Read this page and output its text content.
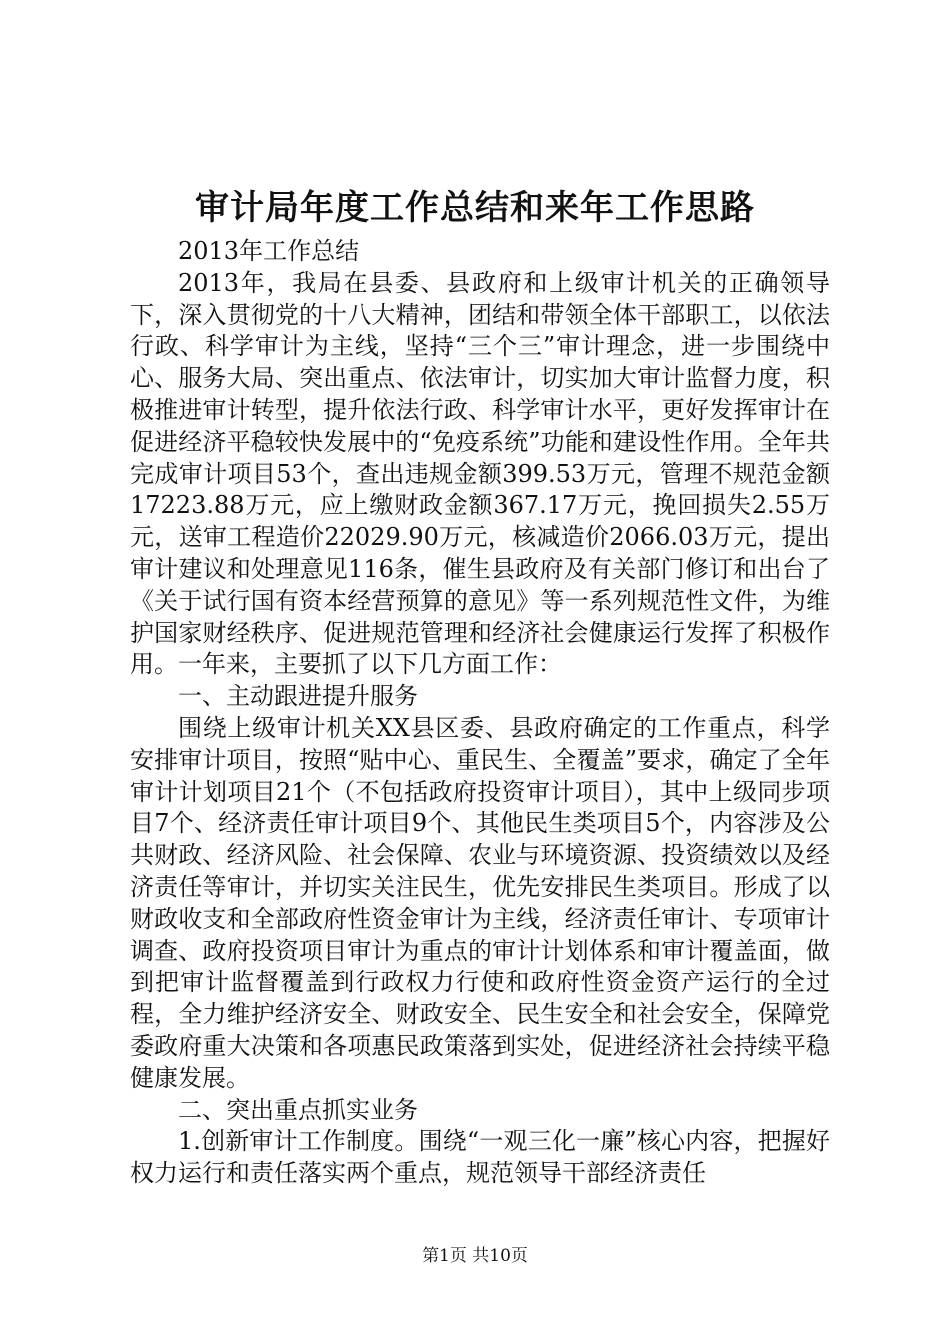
审计局年度工作总结和来年工作思路

2013年工作总结

2013年，我局在县委、县政府和上级审计机关的正确领导下，深入贯彻党的十八大精神，团结和带领全体干部职工，以依法行政、科学审计为主线，坚持“三个三”审计理念，进一步围绕中心、服务大局、突出重点、依法审计，切实加大审计监督力度，积极推进审计转型，提升依法行政、科学审计水平，更好发挥审计在促进经济平稳较快发展中的“免疫系统”功能和建设性作用。全年共完成审计项目53个，查出违规金额399.53万元，管理不规范金额17223.88万元，应上缴财政金额367.17万元，挽回损失2.55万元，送审工程造价22029.90万元，核减造价2066.03万元，提出审计建议和处理意见116条，催生县政府及有关部门修订和出台了《关于试行国有资本经营预算的意见》等一系列规范性文件，为维护国家财经秩序、促进规范管理和经济社会健康运行发挥了积极作用。一年来，主要抓了以下几方面工作：

一、主动跟进提升服务

围绕上级审计机关XX县区委、县政府确定的工作重点，科学安排审计项目，按照“贴中心、重民生、全覆盖”要求，确定了全年审计计划项目21个（不包括政府投资审计项目），其中上级同步项目7个、经济责任审计项目9个、其他民生类项目5个，内容涉及公共财政、经济风险、社会保障、农业与环境资源、投资绩效以及经济责任等审计，并切实关注民生，优先安排民生类项目。形成了以财政收支和全部政府性资金审计为主线，经济责任审计、专项审计调查、政府投资项目审计为重点的审计计划体系和审计覆盖面，做到把审计监督覆盖到行政权力行使和政府性资金资产运行的全过程，全力维护经济安全、财政安全、民生安全和社会安全，保障党委政府重大决策和各项惠民政策落到实处，促进经济社会持续平稳健康发展。

二、突出重点抓实业务

1.创新审计工作制度。围绕“一观三化一廉”核心内容，把握好权力运行和责任落实两个重点，规范领导干部经济责任

第1页 共10页
